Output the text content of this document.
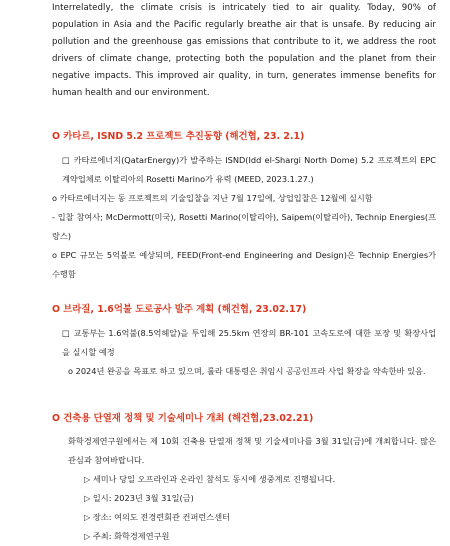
Interrelatedly, the climate crisis is intricately tied to air quality. Today, 90% of population in Asia and the Pacific regularly breathe air that is unsafe. By reducing air pollution and the greenhouse gas emissions that contribute to it, we address the root drivers of climate change, protecting both the population and the planet from their negative impacts. This improved air quality, in turn, generates immense benefits for human health and our environment.

O 카타르, ISND 5.2 프로젝트 추진동향 (해건협, 23. 2.1)

□ 카타르에너지(QatarEnergy)가 발주하는 ISND(Idd el-Shargi North Dome) 5.2 프로젝트의 EPC 계약업체로 이탈리아의 Rosetti Marino가 유력 (MEED, 2023.1.27.)

o 카타르에너지는 동 프로젝트의 기술입찰을 지난 7월 17일에, 상업입찰은 12월에 실시함

- 입찰 참여사; McDermott(미국), Rosetti Marino(이탈리아), Saipem(이탈리아), Technip Energies(프랑스)

o EPC 규모는 5억불로 예상되며, FEED(Front-end Engineering and Design)은 Technip Energies가 수행함

O 브라질, 1.6억불 도로공사 발주 계획 (해건협, 23.02.17)

□ 교통부는 1.6억불(8.5억헤알)을 투입해 25.5km 연장의 BR-101 고속도로에 대한 포장 및 확장사업을 실시할 예정

o 2024년 완공을 목표로 하고 있으며, 룰라 대통령은 취임시 공공인프라 사업 확장을 약속한바 있음.

O 건축용 단열재 정책 및 기술세미나 개최 (해건협,23.02.21)

화학경제연구원에서는 제 10회 건축용 단열재 정책 및 기술세미나를 3월 31일(금)에 개최합니다. 많은 관심과 참여바랍니다.

▷ 세미나 당일 오프라인과 온라인 참석도 동시에 생중계로 진행됩니다.

▷ 일시: 2023년 3월 31일(금)

▷ 장소: 여의도 전경련회관 컨퍼런스센터

▷ 주최: 화학경제연구원
